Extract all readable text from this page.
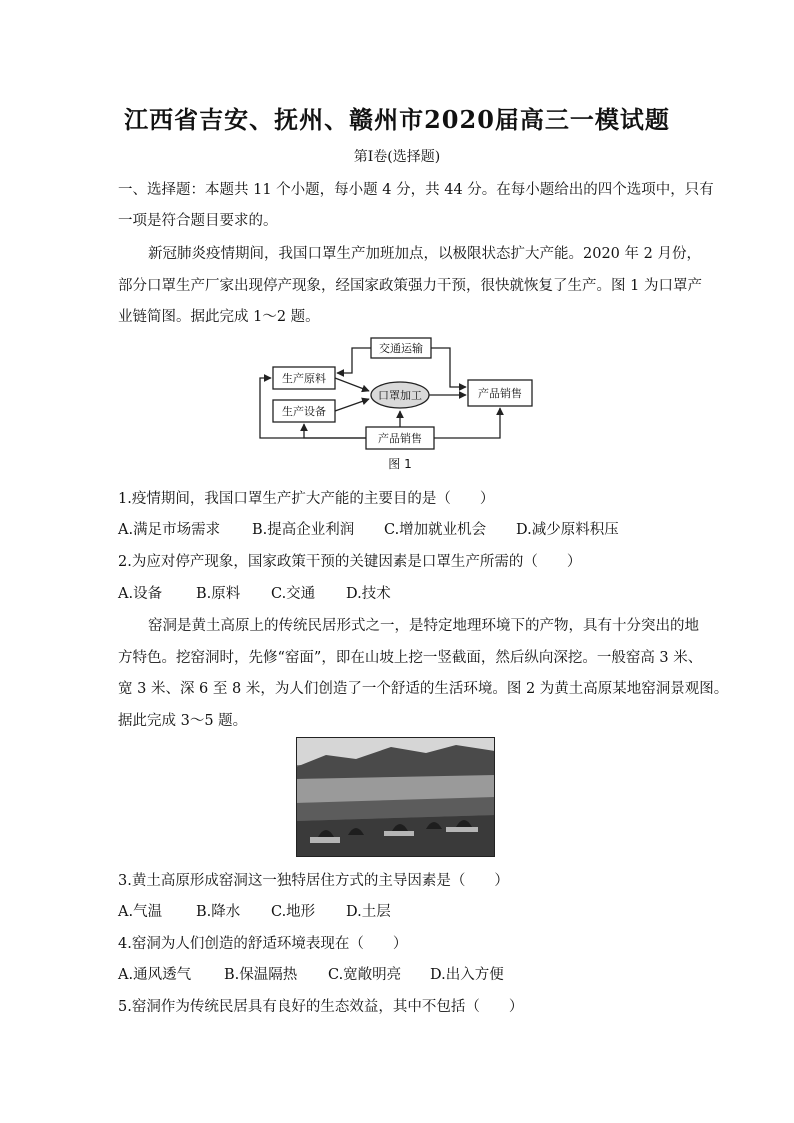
江西省吉安、抚州、赣州市2020届高三一模试题
第Ⅰ卷(选择题)
一、选择题：本题共 11 个小题，每小题 4 分，共 44 分。在每小题给出的四个选项中，只有
一项是符合题目要求的。
新冠肺炎疫情期间，我国口罩生产加班加点，以极限状态扩大产能。2020 年 2 月份，
部分口罩生产厂家出现停产现象，经国家政策强力干预，很快就恢复了生产。图 1 为口罩产
业链简图。据此完成 1～2 题。
交通运输
生产原料
生产设备
口罩加工	产品销售
产品销售
图 1
1.疫情期间，我国口罩生产扩大产能的主要目的是（　　）
A.满足市场需求 B.提高企业利润 C.增加就业机会 D.减少原料积压
2.为应对停产现象，国家政策干预的关键因素是口罩生产所需的（　　）
A.设备 B.原料 C.交通 D.技术
窑洞是黄土高原上的传统民居形式之一，是特定地理环境下的产物，具有十分突出的地
方特色。挖窑洞时，先修“窑面”，即在山坡上挖一竖截面，然后纵向深挖。一般窑高 3 米、
宽 3 米、深 6 至 8 米，为人们创造了一个舒适的生活环境。图 2 为黄土高原某地窑洞景观图。
据此完成 3～5 题。
3.黄土高原形成窑洞这一独特居住方式的主导因素是（　　）
A.气温 B.降水 C.地形 D.土层
4.窑洞为人们创造的舒适环境表现在（　　）
A.通风透气 B.保温隔热 C.宽敞明亮 D.出入方便
5.窑洞作为传统民居具有良好的生态效益，其中不包括（　　）
